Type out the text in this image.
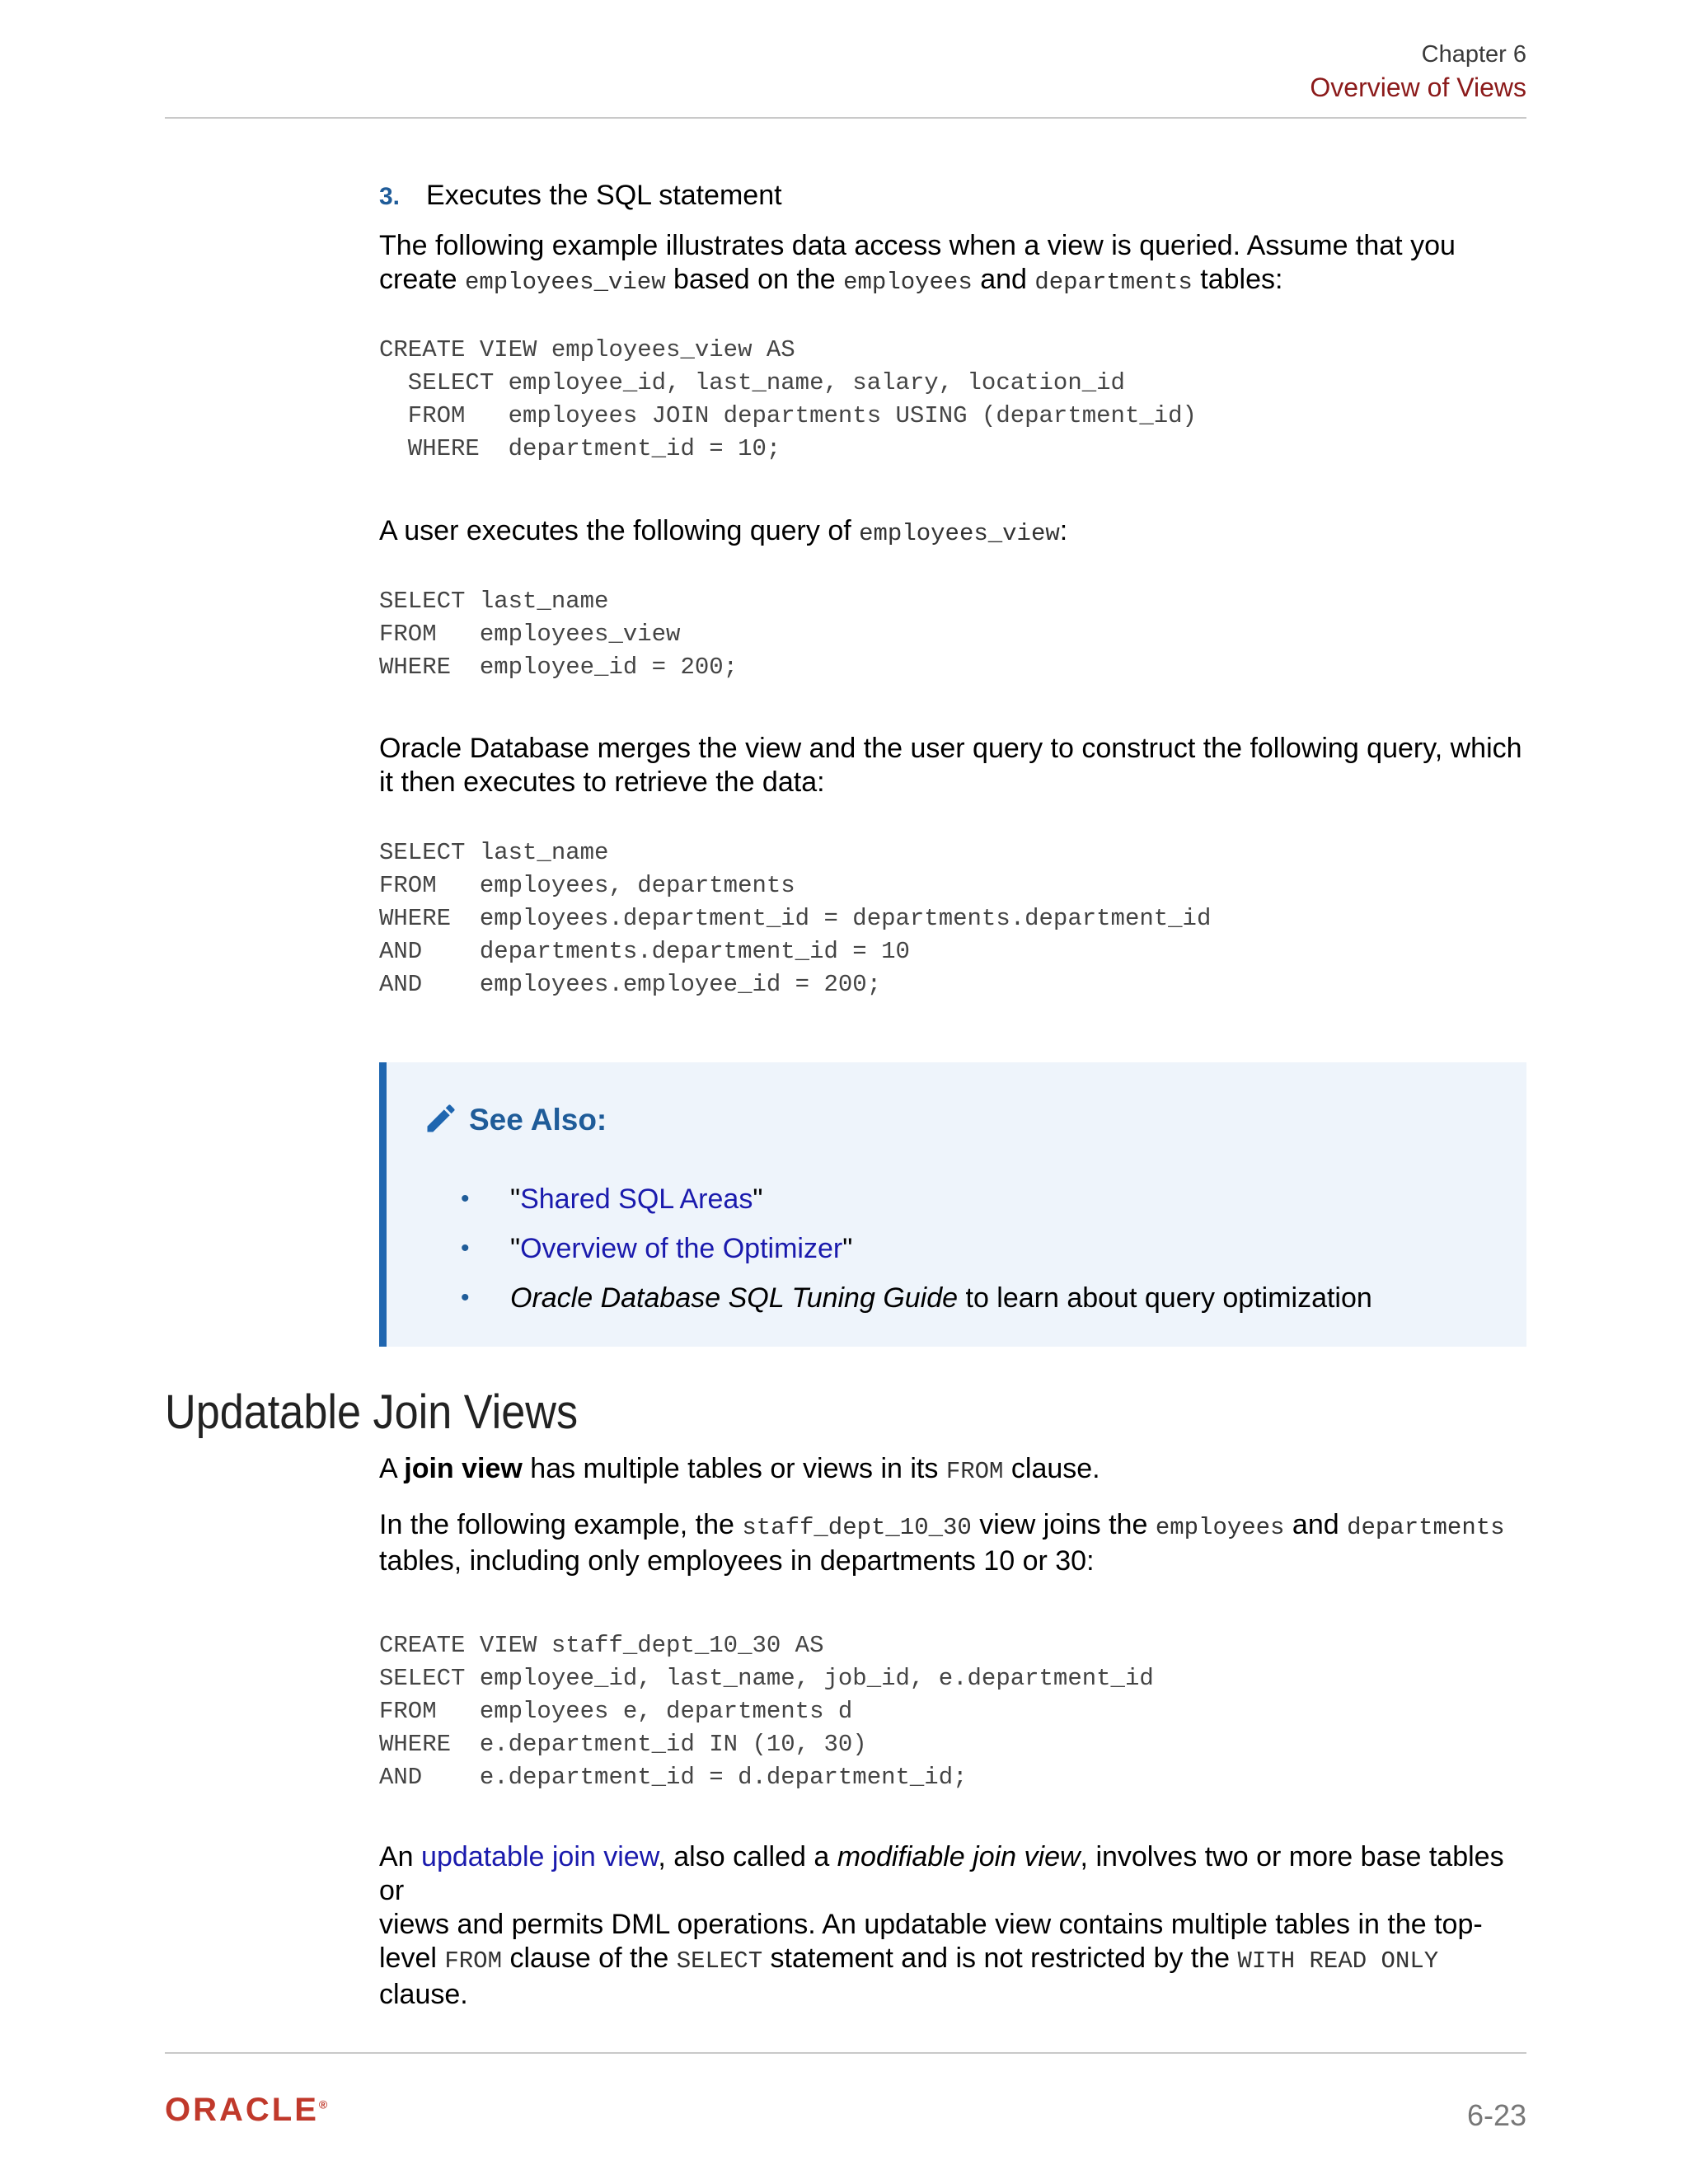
Chapter 6
Overview of Views
3. Executes the SQL statement

The following example illustrates data access when a view is queried. Assume that you
create employees_view based on the employees and departments tables:

CREATE VIEW employees_view AS
SELECT employee_id, last_name, salary, location_id
FROM   employees JOIN departments USING (department_id)
WHERE  department_id = 10;

A user executes the following query of employees_view:

SELECT last_name
FROM   employees_view
WHERE  employee_id = 200;

Oracle Database merges the view and the user query to construct the following query, which
it then executes to retrieve the data:

SELECT last_name
FROM   employees, departments
WHERE  employees.department_id = departments.department_id
AND    departments.department_id = 10
AND    employees.employee_id = 200;
See Also:
• "Shared SQL Areas"
• "Overview of the Optimizer"
• Oracle Database SQL Tuning Guide to learn about query optimization
Updatable Join Views

A join view has multiple tables or views in its FROM clause.

In the following example, the staff_dept_10_30 view joins the employees and departments
tables, including only employees in departments 10 or 30:

CREATE VIEW staff_dept_10_30 AS
SELECT employee_id, last_name, job_id, e.department_id
FROM   employees e, departments d
WHERE  e.department_id IN (10, 30)
AND    e.department_id = d.department_id;

An updatable join view, also called a modifiable join view, involves two or more base tables or
views and permits DML operations. An updatable view contains multiple tables in the top-
level FROM clause of the SELECT statement and is not restricted by the WITH READ ONLY clause.

ORACLE®	6-23
